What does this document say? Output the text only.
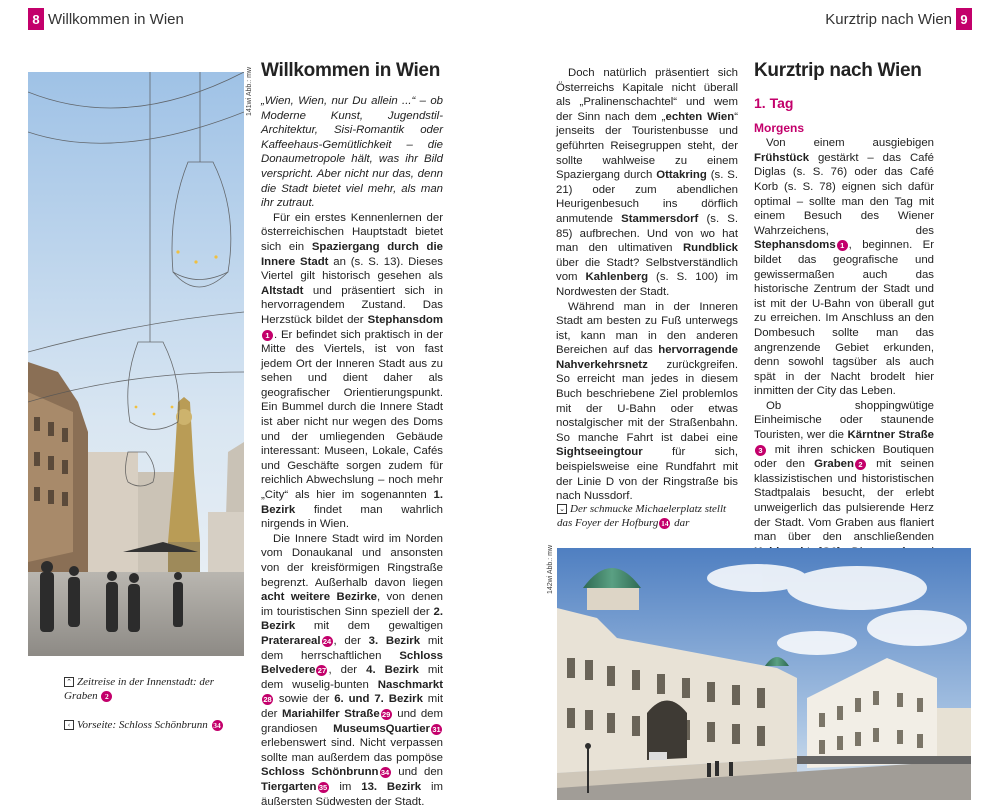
8 Willkommen in Wien
141wi Abb.: mw Willkommen in Wien

„Wien, Wien, nur Du allein ...“ – ob Moderne Kunst, Jugendstil-Architektur, Sisi-Romantik oder Kaffeehaus-Gemütlichkeit – die Donaumetropole hält, was ihr Bild verspricht. Aber nicht nur das, denn die Stadt bietet viel mehr, als man ihr zutraut.

Für ein erstes Kennenlernen der österreichischen Hauptstadt bietet sich ein Spaziergang durch die Innere Stadt an (s. S. 13). Dieses Viertel gilt historisch gesehen als Altstadt und präsentiert sich in hervorragendem Zustand. Das Herzstück bildet der Stephansdom1 . Er befindet sich praktisch in der Mitte des Viertels, ist von fast jedem Ort der Inneren Stadt aus zu sehen und dient daher als geografischer Orientierungspunkt. Ein Bummel durch die Innere Stadt ist aber nicht nur wegen des Doms und der umliegenden Gebäude interessant: Museen, Lokale, Cafés und Geschäfte sorgen zudem für reichlich Abwechslung – noch mehr „City“ als hier im sogenannten 1. Bezirk findet man wahrlich nirgends in Wien.

Die Innere Stadt wird im Norden vom Donaukanal und ansonsten von der kreisförmigen Ringstraße begrenzt. Außerhalb davon liegen acht weitere Bezirke, von denen im touristischen Sinn speziell der 2. Bezirk mit dem gewaltigen Praterareal 24 , der 3. Bezirk mit dem herrschaftlichen Schloss Belvedere 27 , der 4. Bezirk mit dem wuselig-bunten Naschmarkt28 sowie der 6. und 7. Bezirk mit der Mariahilfer Straße 29 und dem grandiosen MuseumsQuartier 31 erlebenswert sind. Nicht verpassen sollte man außerdem das pompöse Schloss Schönbrunn 34 und den Tiergarten 35 im 13. Bezirk im äußersten Südwesten der Stadt.

⌃ Zeitreise in der Innenstadt: der Graben 2
‹ Vorseite: Schloss Schönbrunn 34
Kurztrip nach Wien 9

Doch natürlich präsentiert sich Österreichs Kapitale nicht überall als „Pralinenschachtel“ und wem der Sinn nach dem „echten Wien“ jenseits der Touristenbusse und geführten Reisegruppen steht, der sollte wahlweise zu einem Spaziergang durch Ottakring (s. S. 21) oder zum abendlichen Heurigenbesuch ins dörflich anmutende Stammersdorf (s. S. 85) aufbrechen. Und von wo hat man den ultimativen Rundblick über die Stadt? Selbstverständlich vom Kahlenberg (s. S. 100) im Nordwesten der Stadt.

Während man in der Inneren Stadt am besten zu Fuß unterwegs ist, kann man in den anderen Bereichen auf das hervorragende Nahverkehrsnetz zurückgreifen. So erreicht man jedes in diesem Buch beschriebene Ziel problemlos mit der U-Bahn oder etwas nostalgischer mit der Straßenbahn. So manche Fahrt ist dabei eine Sightseeingtour für sich, beispielsweise eine Rundfahrt mit der Linie D von der Ringstraße bis nach Nussdorf.

⌄ Der schmucke Michaelerplatz stellt das Foyer der Hofburg 14 dar
Kurztrip nach Wien
1. Tag
Morgens

Von einem ausgiebigen Frühstück gestärkt – das Café Diglas (s. S. 76) oder das Café Korb (s. S. 78) eignen sich dafür optimal – sollte man den Tag mit einem Besuch des Wiener Wahrzeichens, des Stephansdoms 1 , beginnen. Er bildet das geografische und gewissermaßen auch das historische Zentrum der Stadt und ist mit der U-Bahn von überall gut zu erreichen. Im Anschluss an den Dombesuch sollte man das angrenzende Gebiet erkunden, denn sowohl tagsüber als auch spät in der Nacht brodelt hier inmitten der City das Leben.

Ob shoppingwütige Einheimische oder staunende Touristen, wer die Kärntner Straße3 mit ihren schicken Boutiquen oder den Graben 2 mit seinen klassizistischen und historistischen Stadtpalais besucht, der erlebt unweigerlich das pulsierende Herz der Stadt. Vom Graben aus flaniert man über den anschließenden

142wi Abb.: mw
